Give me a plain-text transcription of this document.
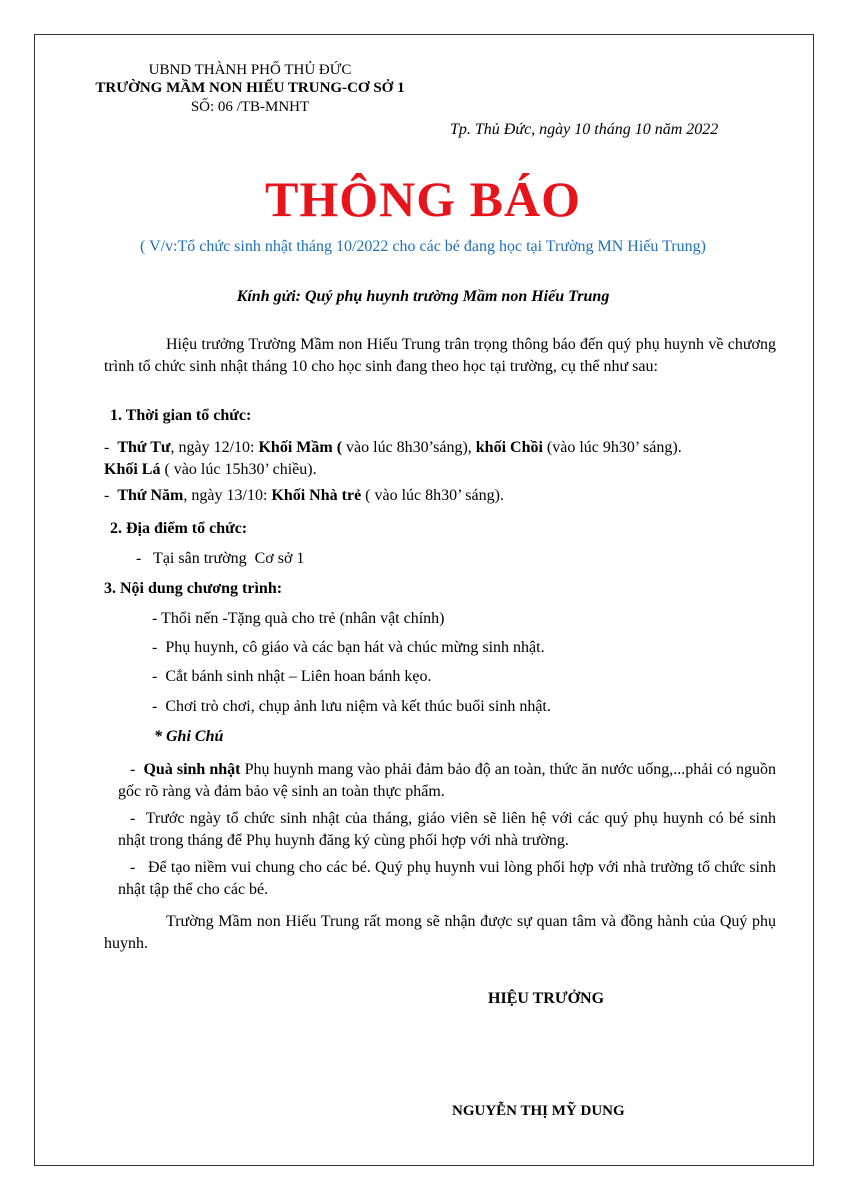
UBND THÀNH PHỐ THỦ ĐỨC
TRƯỜNG MẦM NON HIẾU TRUNG-CƠ SỞ 1
SỐ: 06 /TB-MNHT
Tp. Thủ Đức, ngày 10 tháng 10 năm 2022
THÔNG BÁO
( V/v:Tổ chức sinh nhật tháng 10/2022 cho các bé đang học tại Trường MN Hiếu Trung)
Kính gửi: Quý phụ huynh trường Mầm non Hiếu Trung
Hiệu trưởng Trường Mầm non Hiếu Trung trân trọng thông báo đến quý phụ huynh về chương trình tổ chức sinh nhật tháng 10 cho học sinh đang theo học tại trường, cụ thể như sau:
1. Thời gian tổ chức:
- Thứ Tư, ngày 12/10: Khối Mầm ( vào lúc 8h30’sáng), khối Chồi (vào lúc 9h30’ sáng).
Khối Lá ( vào lúc 15h30’ chiều).
- Thứ Năm, ngày 13/10: Khối Nhà trẻ ( vào lúc 8h30’ sáng).
2. Địa điểm tổ chức:
-   Tại sân trường  Cơ sở 1
3. Nội dung chương trình:
- Thổi nến -Tặng quà cho trẻ (nhân vật chính)
-  Phụ huynh, cô giáo và các bạn hát và chúc mừng sinh nhật.
-  Cắt bánh sinh nhật – Liên hoan bánh kẹo.
-  Chơi trò chơi, chụp ảnh lưu niệm và kết thúc buổi sinh nhật.
* Ghi Chú
- Quà sinh nhật Phụ huynh mang vào phải đảm bảo độ an toàn, thức ăn nước uống,...phải có nguồn gốc rõ ràng và đảm bảo vệ sinh an toàn thực phẩm.
-  Trước ngày tổ chức sinh nhật của tháng, giáo viên sẽ liên hệ với các quý phụ huynh có bé sinh nhật trong tháng để Phụ huynh đăng ký cùng phối hợp với nhà trường.
-   Để tạo niềm vui chung cho các bé. Quý phụ huynh vui lòng phối hợp với nhà trường tổ chức sinh nhật tập thể cho các bé.
Trường Mầm non Hiếu Trung rất mong sẽ nhận được sự quan tâm và đồng hành của Quý phụ huynh.
HIỆU TRƯỞNG
NGUYỄN THỊ MỸ DUNG
